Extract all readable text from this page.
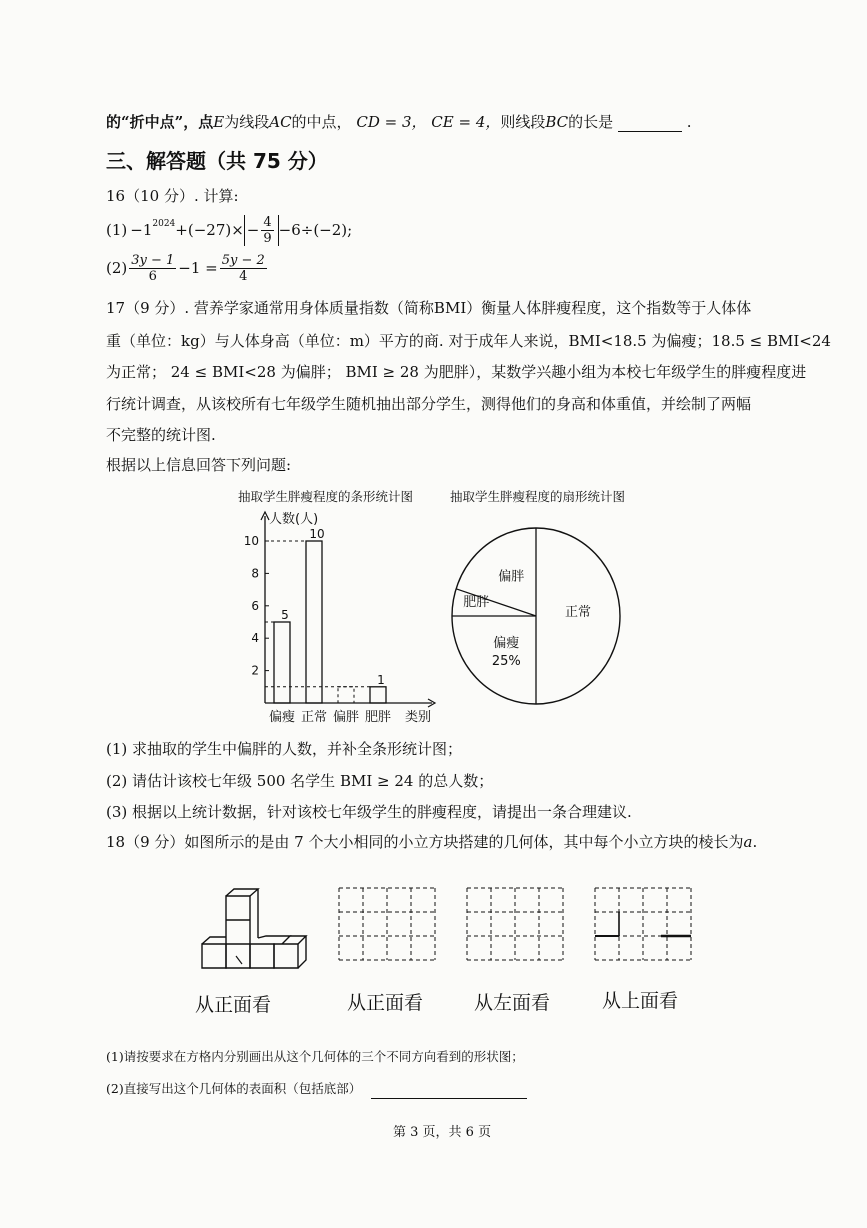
的“折中点”，点E为线段AC的中点， CD = 3， CE = 4，则线段BC的长是	.
三、解答题（共 75 分）
16（10 分）. 计算:
$(1) -1^{2024} +(-27)\times - \frac{4}{9} -6\div(-2)$;
$(2) \frac{3y - 1}{6} -1 = \frac{5y - 2}{4}$
17（9 分）. 营养学家通常用身体质量指数（简称BMI）衡量人体胖瘦程度，这个指数等于人体体
重（单位：kg）与人体身高（单位：m）平方的商. 对于成年人来说，BMI<18.5 为偏瘦；18.5 ≤ BMI<24
为正常； 24 ≤ BMI<28 为偏胖； BMI ≥ 28 为肥胖），某数学兴趣小组为本校七年级学生的胖瘦程度进
行统计调查，从该校所有七年级学生随机抽出部分学生，测得他们的身高和体重值，并绘制了两幅
不完整的统计图.
根据以上信息回答下列问题:
抽取学生胖瘦程度的条形统计图	抽取学生胖瘦程度的扇形统计图
人数(人)
2
4
6
8
10
5
偏瘦
10
正常 偏胖
1
肥胖 类别
正常
偏瘦
25%
肥胖
偏胖
(1) 求抽取的学生中偏胖的人数，并补全条形统计图；
(2) 请估计该校七年级 500 名学生 BMI ≥ 24 的总人数；
(3) 根据以上统计数据，针对该校七年级学生的胖瘦程度，请提出一条合理建议.
18（9 分）如图所示的是由 7 个大小相同的小立方块搭建的几何体，其中每个小立方块的棱长为a.
从正面看	从正面看	从左面看	从上面看
(1)请按要求在方格内分别画出从这个几何体的三个不同方向看到的形状图；
(2)直接写出这个几何体的表面积（包括底部）
第 3 页，共 6 页
